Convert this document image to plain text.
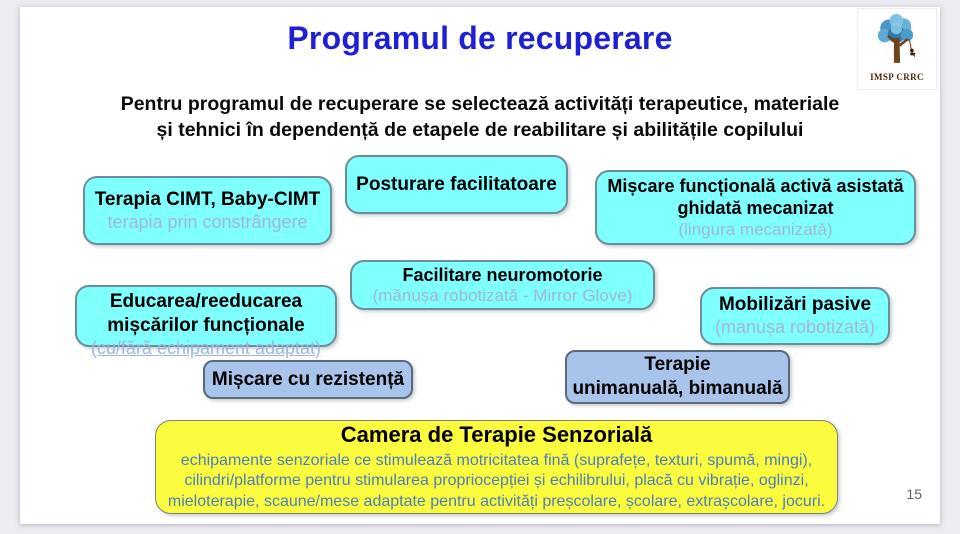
Programul de recuperare
IMSP CRRC
Pentru programul de recuperare se selectează activități terapeutice, materiale
și tehnici în dependență de etapele de reabilitare și abilitățile copilului
Terapia CIMT, Baby-CIMT
terapia prin constrângere
Posturare facilitatoare	Mișcare funcțională activă asistată
ghidată mecanizat
(lingura mecanizată)
Educarea/reeducarea
mișcărilor funcționale
(cu/fără echipament adaptat)
Facilitare neuromotorie
(mănușa robotizată - Mirror Glove)	Mobilizări pasive
(manușa robotizată)
Mișcare cu rezistență
Terapie
unimanuală, bimanuală
Camera de Terapie Senzorială
echipamente senzoriale ce stimulează motricitatea fină (suprafețe, texturi, spumă, mingi),
cilindri/platforme pentru stimularea propriocepției și echilibrului, placă cu vibrație, oglinzi,
mieloterapie, scaune/mese adaptate pentru activități preșcolare, școlare, extrașcolare, jocuri.	15
